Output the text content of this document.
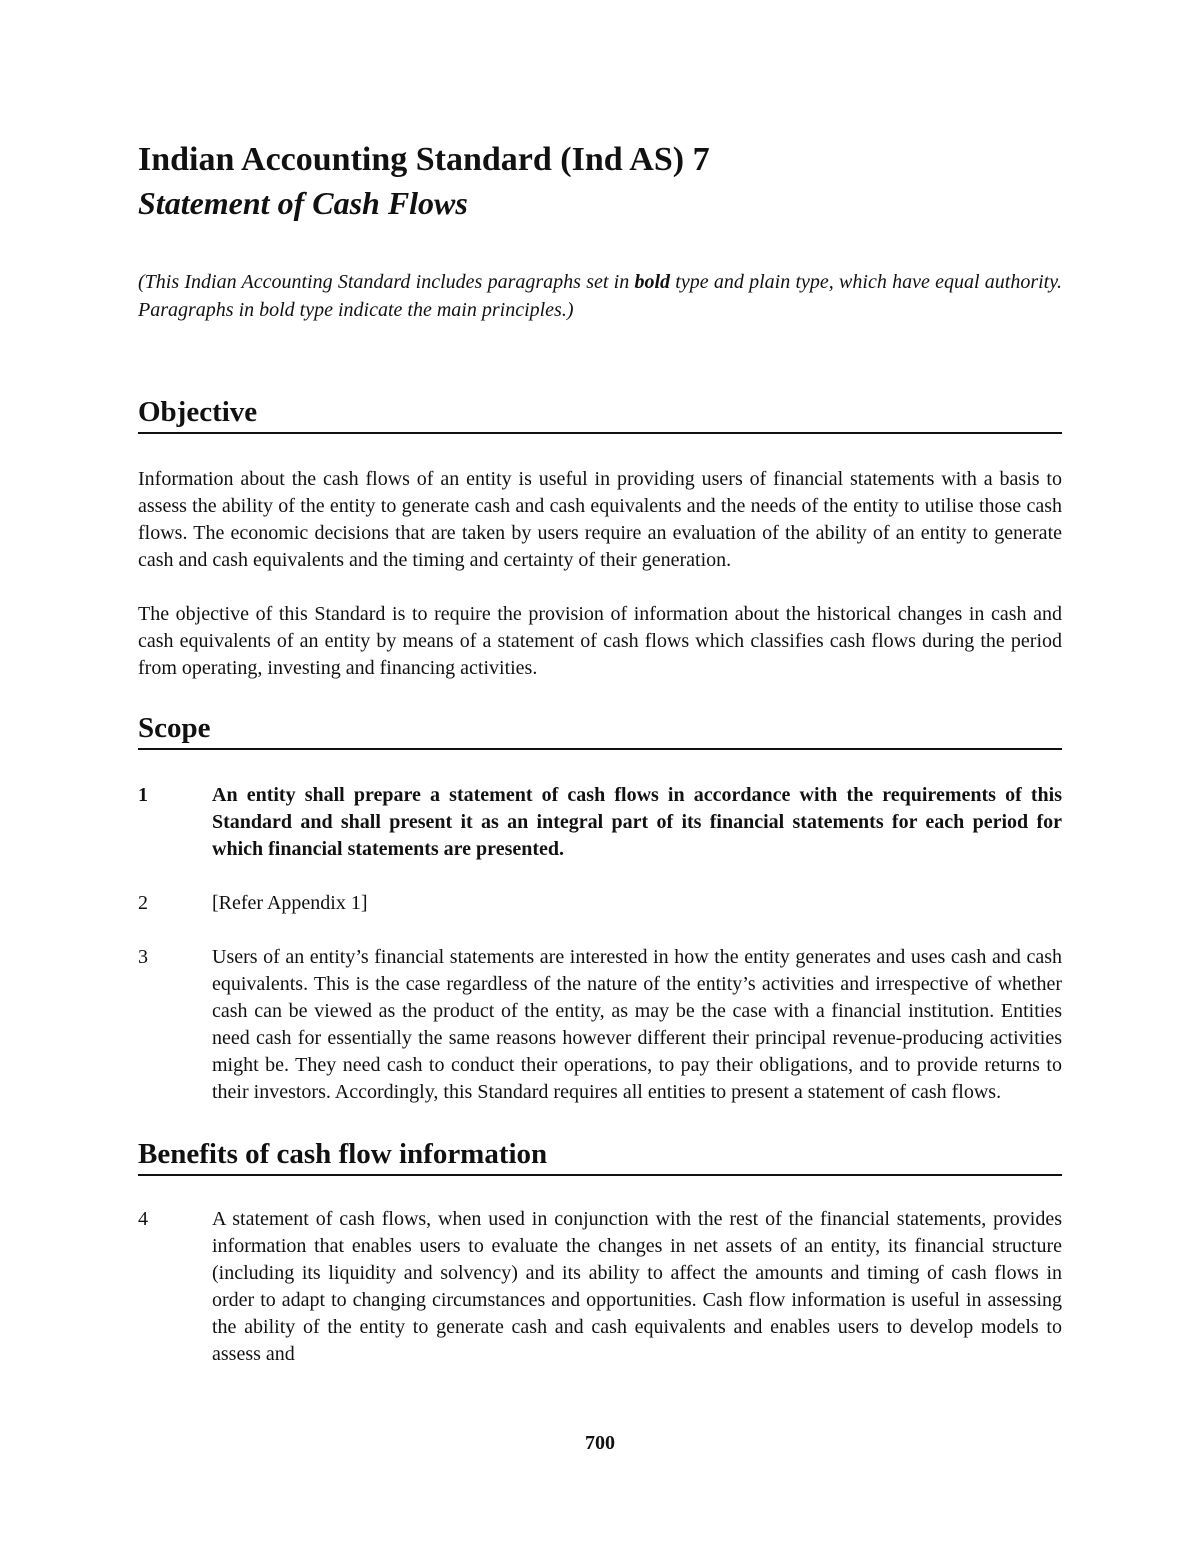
Indian Accounting Standard (Ind AS) 7
Statement of Cash Flows

(This Indian Accounting Standard includes paragraphs set in bold type and plain type, which have equal authority. Paragraphs in bold type indicate the main principles.)

Objective

Information about the cash flows of an entity is useful in providing users of financial statements with a basis to assess the ability of the entity to generate cash and cash equivalents and the needs of the entity to utilise those cash flows. The economic decisions that are taken by users require an evaluation of the ability of an entity to generate cash and cash equivalents and the timing and certainty of their generation.

The objective of this Standard is to require the provision of information about the historical changes in cash and cash equivalents of an entity by means of a statement of cash flows which classifies cash flows during the period from operating, investing and financing activities.

Scope
1	An entity shall prepare a statement of cash flows in accordance with the requirements of this Standard and shall present it as an integral part of its financial statements for each period for which financial statements are presented.
2	[Refer Appendix 1]
3	Users of an entity’s financial statements are interested in how the entity generates and uses cash and cash equivalents. This is the case regardless of the nature of the entity’s activities and irrespective of whether cash can be viewed as the product of the entity, as may be the case with a financial institution. Entities need cash for essentially the same reasons however different their principal revenue-producing activities might be. They need cash to conduct their operations, to pay their obligations, and to provide returns to their investors. Accordingly, this Standard requires all entities to present a statement of cash flows.
Benefits of cash flow information
4	A statement of cash flows, when used in conjunction with the rest of the financial statements, provides information that enables users to evaluate the changes in net assets of an entity, its financial structure (including its liquidity and solvency) and its ability to affect the amounts and timing of cash flows in order to adapt to changing circumstances and opportunities. Cash flow information is useful in assessing the ability of the entity to generate cash and cash equivalents and enables users to develop models to assess and
700
